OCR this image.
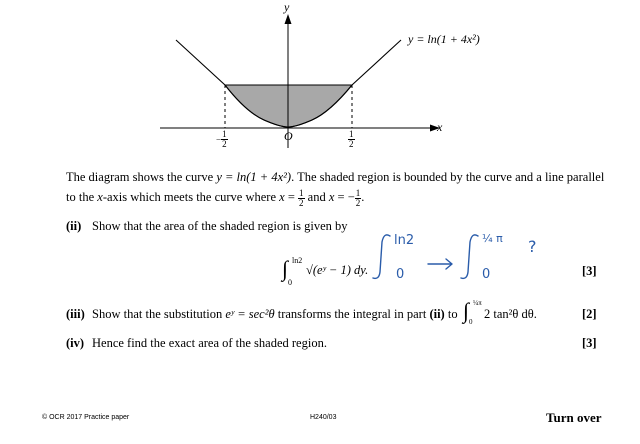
y
x
O
y = ln(1 + 4x²)
− $\frac{1}{2}$	$\frac{1}{2}$
The diagram shows the curve y = ln(1 + 4x²). The shaded region is bounded by the curve and a line parallel
to the x-axis which meets the curve where $x = \frac{1}{2}$ and x = − $\frac{1}{2}$ .
(ii) Show that the area of the shaded region is given by
∫ ln2
0
√(eʸ − 1) dy.	[3]
(iii) Show that the substitution eʸ = sec²θ transforms the integral in part (ii) to ∫ ¼π
0
2 tan²θ dθ.	[2]
(iv) Hence find the exact area of the shaded region.	[3]
ln2
0
¼ π
0
?
© OCR 2017 Practice paper	H240/03	Turn over
